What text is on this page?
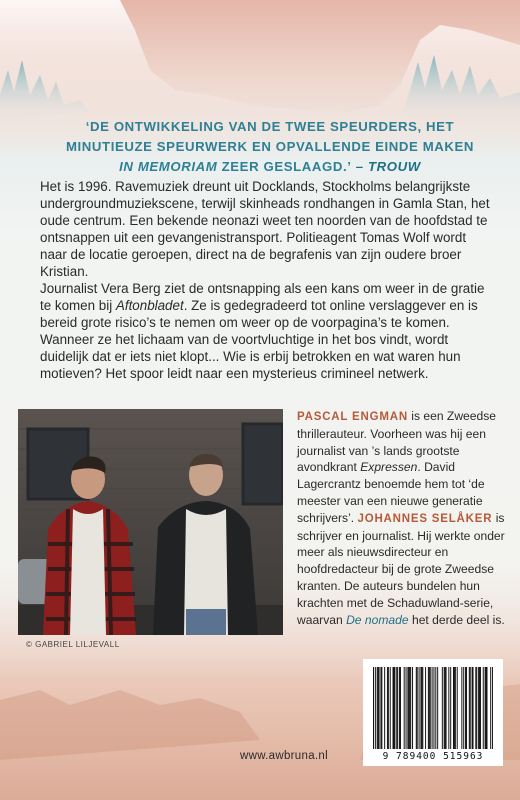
‘DE ONTWIKKELING VAN DE TWEE SPEURDERS, HET
MINUTIEUZE SPEURWERK EN OPVALLENDE EINDE MAKEN
IN MEMORIAM ZEER GESLAAGD.’ – TROUW

Het is 1996. Ravemuziek dreunt uit Docklands, Stockholms belangrijkste undergroundmuziekscene, terwijl skinheads rondhangen in Gamla Stan, het oude centrum. Een bekende neonazi weet ten noorden van de hoofdstad te ontsnappen uit een gevangenistransport. Politieagent Tomas Wolf wordt naar de locatie geroepen, direct na de begrafenis van zijn oudere broer Kristian.

Journalist Vera Berg ziet de ontsnapping als een kans om weer in de gratie te komen bij Aftonbladet. Ze is gedegradeerd tot online verslaggever en is bereid grote risico’s te nemen om weer op de voorpagina’s te komen.

Wanneer ze het lichaam van de voortvluchtige in het bos vindt, wordt duidelijk dat er iets niet klopt... Wie is erbij betrokken en wat waren hun motieven? Het spoor leidt naar een mysterieus crimineel netwerk.

© GABRIEL LILJEVALL

PASCAL ENGMAN is een Zweedse thrillerauteur. Voorheen was hij een journalist van ’s lands grootste avondkrant Expressen. David Lagercrantz benoemde hem tot ‘de meester van een nieuwe generatie schrijvers’. JOHANNES SELÅKER is schrijver en journalist. Hij werkte onder meer als nieuwsdirecteur en hoofdredacteur bij de grote Zweedse kranten. De auteurs bundelen hun krachten met de Schaduwland-serie, waarvan De nomade het derde deel is.

www.awbruna.nl	9 789400 515963
